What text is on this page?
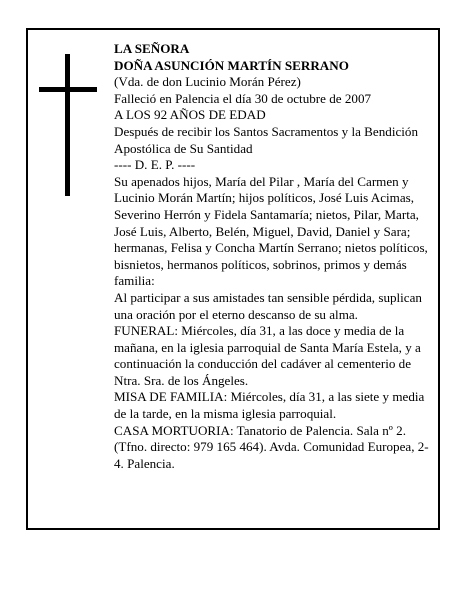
LA SEÑORA

DOÑA ASUNCIÓN MARTÍN SERRANO

(Vda. de don Lucinio Morán Pérez)

Falleció en Palencia el día 30 de octubre de 2007

A LOS 92 AÑOS DE EDAD

Después de recibir los Santos Sacramentos y la Bendición Apostólica de Su Santidad

---- D. E. P. ----

Su apenados hijos, María del Pilar , María del Carmen y Lucinio Morán Martín; hijos políticos, José Luis Acimas, Severino Herrón y Fidela Santamaría; nietos, Pilar, Marta, José Luis, Alberto, Belén, Miguel, David, Daniel y Sara; hermanas, Felisa y Concha Martín Serrano; nietos políticos, bisnietos, hermanos políticos, sobrinos, primos y demás familia:

Al participar a sus amistades tan sensible pérdida, suplican una oración por el eterno descanso de su alma.

FUNERAL: Miércoles, día 31, a las doce y media de la mañana, en la iglesia parroquial de Santa María Estela, y a continuación la conducción del cadáver al cementerio de Ntra. Sra. de los Ángeles.

MISA DE FAMILIA: Miércoles, día 31, a las siete y media de la tarde, en la misma iglesia parroquial.

CASA MORTUORIA: Tanatorio de Palencia. Sala nº 2. (Tfno. directo: 979 165 464). Avda. Comunidad Europea, 2-4. Palencia.
